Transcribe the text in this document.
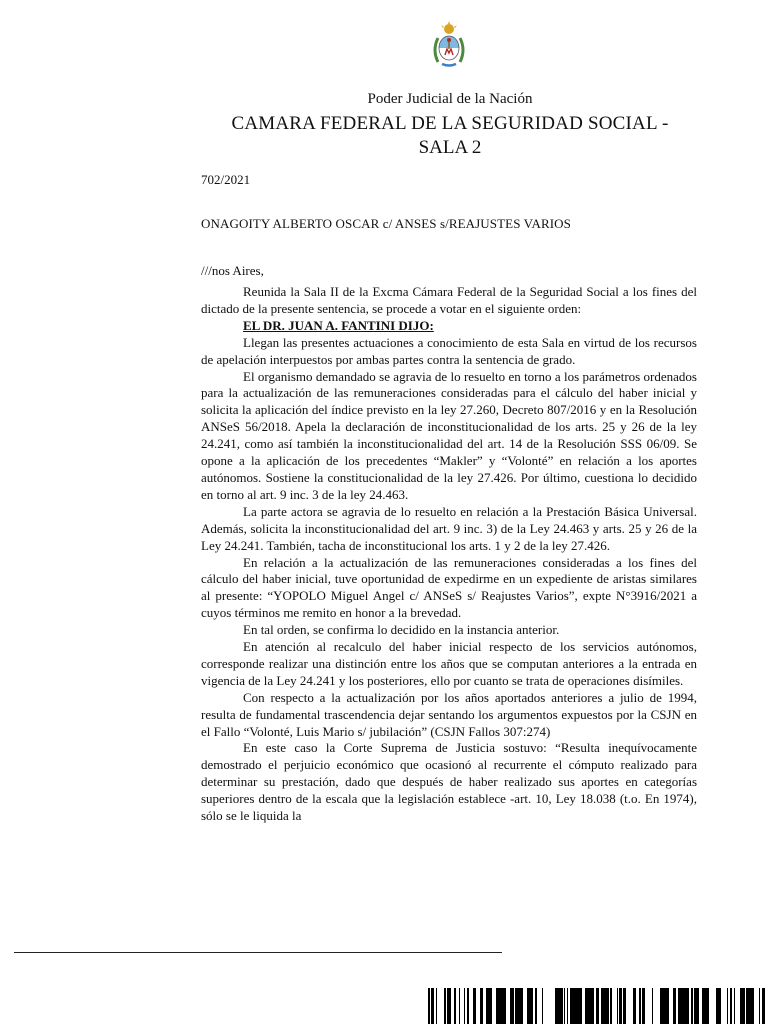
Poder Judicial de la Nación
CAMARA FEDERAL DE LA SEGURIDAD SOCIAL -
SALA 2
702/2021
ONAGOITY ALBERTO OSCAR c/ ANSES s/REAJUSTES VARIOS
///nos Aires,

Reunida la Sala II de la Excma Cámara Federal de la Seguridad Social a los fines del dictado de la presente sentencia, se procede a votar en el siguiente orden:

EL DR. JUAN A. FANTINI DIJO:

Llegan las presentes actuaciones a conocimiento de esta Sala en virtud de los recursos de apelación interpuestos por ambas partes contra la sentencia de grado.

El organismo demandado se agravia de lo resuelto en torno a los parámetros ordenados para la actualización de las remuneraciones consideradas para el cálculo del haber inicial y solicita la aplicación del índice previsto en la ley 27.260, Decreto 807/2016 y en la Resolución ANSeS 56/2018. Apela la declaración de inconstitucionalidad de los arts. 25 y 26 de la ley 24.241, como así también la inconstitucionalidad del art. 14 de la Resolución SSS 06/09. Se opone a la aplicación de los precedentes “Makler” y “Volonté” en relación a los aportes autónomos. Sostiene la constitucionalidad de la ley 27.426. Por último, cuestiona lo decidido en torno al art. 9 inc. 3 de la ley 24.463.

La parte actora se agravia de lo resuelto en relación a la Prestación Básica Universal. Además, solicita la inconstitucionalidad del art. 9 inc. 3) de la Ley 24.463 y arts. 25 y 26 de la Ley 24.241. También, tacha de inconstitucional los arts. 1 y 2 de la ley 27.426.

En relación a la actualización de las remuneraciones consideradas a los fines del cálculo del haber inicial, tuve oportunidad de expedirme en un expediente de aristas similares al presente: “YOPOLO Miguel Angel c/ ANSeS s/ Reajustes Varios”, expte N°3916/2021 a cuyos términos me remito en honor a la brevedad.

En tal orden, se confirma lo decidido en la instancia anterior.

En atención al recalculo del haber inicial respecto de los servicios autónomos, corresponde realizar una distinción entre los años que se computan anteriores a la entrada en vigencia de la Ley 24.241 y los posteriores, ello por cuanto se trata de operaciones disímiles.

Con respecto a la actualización por los años aportados anteriores a julio de 1994, resulta de fundamental trascendencia dejar sentando los argumentos expuestos por la CSJN en el Fallo “Volonté, Luis Mario s/ jubilación” (CSJN Fallos 307:274)

En este caso la Corte Suprema de Justicia sostuvo: “Resulta inequívocamente demostrado el perjuicio económico que ocasionó al recurrente el cómputo realizado para determinar su prestación, dado que después de haber realizado sus aportes en categorías superiores dentro de la escala que la legislación establece -art. 10, Ley 18.038 (t.o. En 1974), sólo se le liquida la
